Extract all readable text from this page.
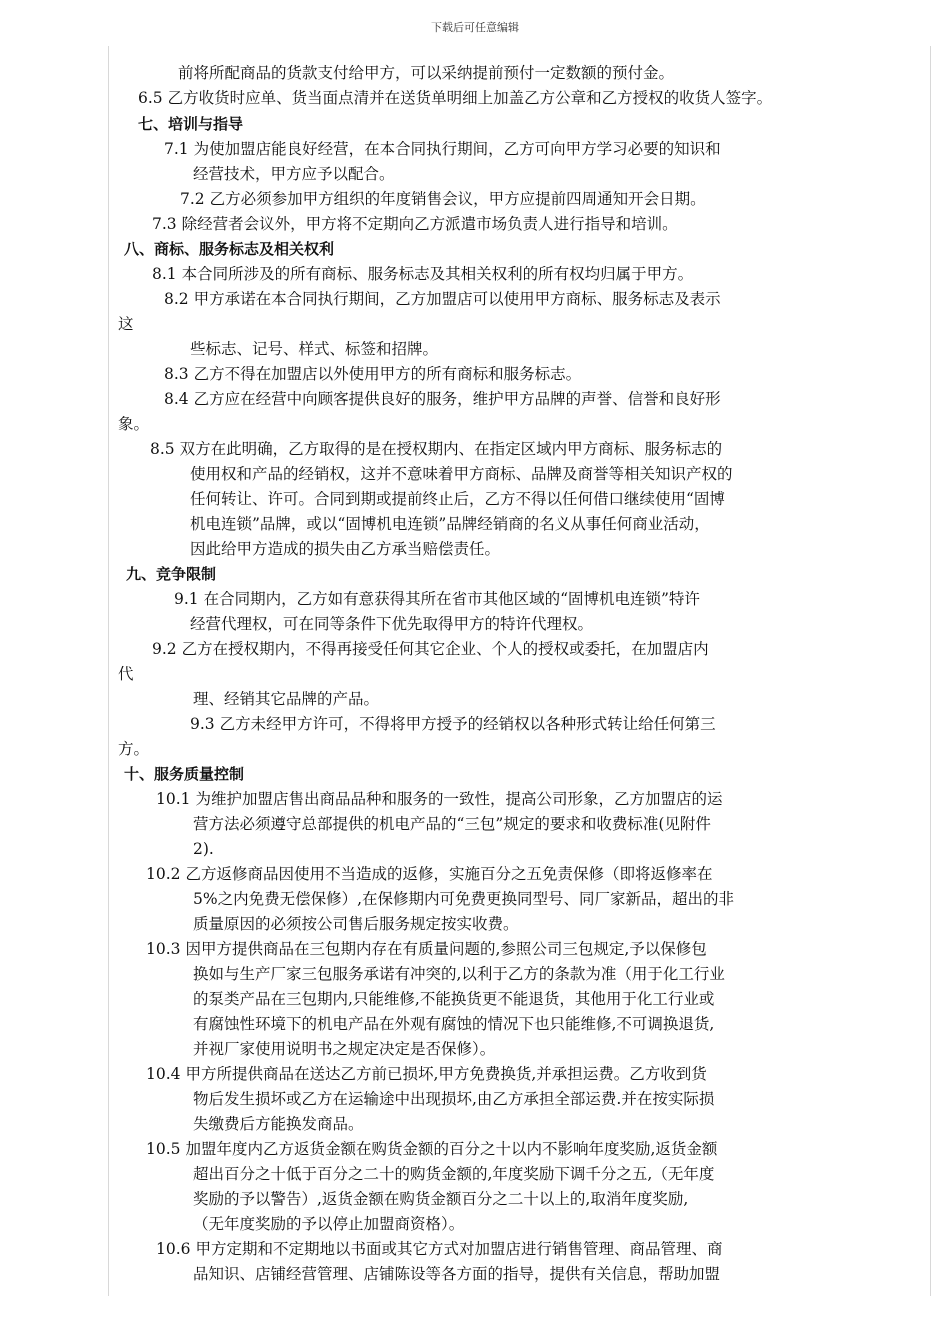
下载后可任意编辑
前将所配商品的货款支付给甲方，可以采纳提前预付一定数额的预付金。
6.5 乙方收货时应单、货当面点清并在送货单明细上加盖乙方公章和乙方授权的收货人签字。
七、培训与指导
7.1 为使加盟店能良好经营，在本合同执行期间，乙方可向甲方学习必要的知识和
经营技术，甲方应予以配合。
7.2 乙方必须参加甲方组织的年度销售会议，甲方应提前四周通知开会日期。
7.3 除经营者会议外，甲方将不定期向乙方派遣市场负责人进行指导和培训。
八、商标、服务标志及相关权利
8.1 本合同所涉及的所有商标、服务标志及其相关权利的所有权均归属于甲方。
8.2 甲方承诺在本合同执行期间，乙方加盟店可以使用甲方商标、服务标志及表示
这
些标志、记号、样式、标签和招牌。
8.3 乙方不得在加盟店以外使用甲方的所有商标和服务标志。
8.4 乙方应在经营中向顾客提供良好的服务，维护甲方品牌的声誉、信誉和良好形
象。
8.5 双方在此明确，乙方取得的是在授权期内、在指定区域内甲方商标、服务标志的
使用权和产品的经销权，这并不意味着甲方商标、品牌及商誉等相关知识产权的
任何转让、许可。合同到期或提前终止后，乙方不得以任何借口继续使用“固博
机电连锁”品牌，或以“固博机电连锁”品牌经销商的名义从事任何商业活动，
因此给甲方造成的损失由乙方承当赔偿责任。
九、竞争限制
9.1 在合同期内，乙方如有意获得其所在省市其他区域的“固博机电连锁”特许
经营代理权，可在同等条件下优先取得甲方的特许代理权。
9.2 乙方在授权期内，不得再接受任何其它企业、个人的授权或委托，在加盟店内
代
理、经销其它品牌的产品。
9.3 乙方未经甲方许可，不得将甲方授予的经销权以各种形式转让给任何第三
方。
十、服务质量控制
10.1 为维护加盟店售出商品品种和服务的一致性，提高公司形象，乙方加盟店的运
营方法必须遵守总部提供的机电产品的“三包”规定的要求和收费标准(见附件
2).
10.2 乙方返修商品因使用不当造成的返修，实施百分之五免责保修（即将返修率在
5%之内免费无偿保修）,在保修期内可免费更换同型号、同厂家新品，超出的非
质量原因的必须按公司售后服务规定按实收费。
10.3 因甲方提供商品在三包期内存在有质量问题的,参照公司三包规定,予以保修包
换如与生产厂家三包服务承诺有冲突的,以利于乙方的条款为准（用于化工行业
的泵类产品在三包期内,只能维修,不能换货更不能退货，其他用于化工行业或
有腐蚀性环境下的机电产品在外观有腐蚀的情况下也只能维修,不可调换退货,
并视厂家使用说明书之规定决定是否保修）。
10.4 甲方所提供商品在送达乙方前已损坏,甲方免费换货,并承担运费。乙方收到货
物后发生损坏或乙方在运输途中出现损坏,由乙方承担全部运费.并在按实际损
失缴费后方能换发商品。
10.5 加盟年度内乙方返货金额在购货金额的百分之十以内不影响年度奖励,返货金额
超出百分之十低于百分之二十的购货金额的,年度奖励下调千分之五,（无年度
奖励的予以警告）,返货金额在购货金额百分之二十以上的,取消年度奖励,
（无年度奖励的予以停止加盟商资格）。
10.6 甲方定期和不定期地以书面或其它方式对加盟店进行销售管理、商品管理、商
品知识、店铺经营管理、店铺陈设等各方面的指导，提供有关信息，帮助加盟
